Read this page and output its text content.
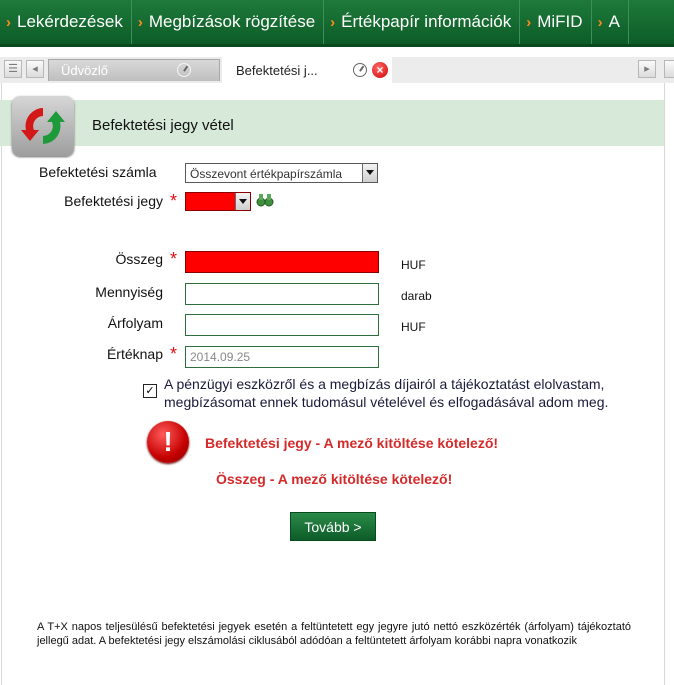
› Lekérdezések › Megbízások rögzítése › Értékpapír információk › MiFID › A
☰	◂	Üdvözlő	Befektetési j...	×	▸
Befektetési jegy vétel
Befektetési számla	Összevont értékpapírszámla
Befektetési jegy *
Összeg *	HUF
Mennyiség	darab
Árfolyam	HUF
Értéknap *	2014.09.25
✓ A pénzügyi eszközről és a megbízás díjairól a tájékoztatást elolvastam, megbízásomat ennek tudomásul vételével és elfogadásával adom meg.
!	Befektetési jegy - A mező kitöltése kötelező!
Összeg - A mező kitöltése kötelező!
Tovább >
A T+X napos teljesülésű befektetési jegyek esetén a feltüntetett egy jegyre jutó nettó eszközérték (árfolyam) tájékoztató jellegű adat. A befektetési jegy elszámolási ciklusából adódóan a feltüntetett árfolyam korábbi napra vonatkozik
